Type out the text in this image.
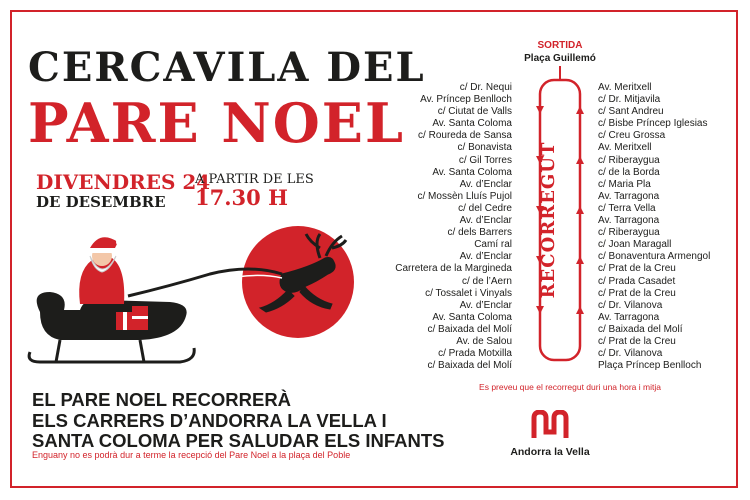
CERCAVILA DEL
PARE NOEL
DIVENDRES 24
DE DESEMBRE
A PARTIR DE LES
17.30 H
EL PARE NOEL RECORRERÀ
ELS CARRERS D’ANDORRA LA VELLA I
SANTA COLOMA PER SALUDAR ELS INFANTS
Enguany no es podrà dur a terme la recepció del Pare Noel a la plaça del Poble
SORTIDA
Plaça Guillemó
RECORREGUT
c/ Dr. Nequi
Av. Príncep Benlloch
c/ Ciutat de Valls
Av. Santa Coloma
c/ Roureda de Sansa
c/ Bonavista
c/ Gil Torres
Av. Santa Coloma
Av. d’Enclar
c/ Mossèn Lluís Pujol
c/ del Cedre
Av. d’Enclar
c/ dels Barrers
Camí ral
Av. d’Enclar
Carretera de la Margineda
c/ de l’Aern
c/ Tossalet i Vinyals
Av. d’Enclar
Av. Santa Coloma
c/ Baixada del Molí
Av. de Salou
c/ Prada Motxilla
c/ Baixada del Molí
Av. Meritxell
c/ Dr. Mitjavila
c/ Sant Andreu
c/ Bisbe Príncep Iglesias
c/ Creu Grossa
Av. Meritxell
c/ Riberaygua
c/ de la Borda
c/ Maria Pla
Av. Tarragona
c/ Terra Vella
Av. Tarragona
c/ Riberaygua
c/ Joan Maragall
c/ Bonaventura Armengol
c/ Prat de la Creu
c/ Prada Casadet
c/ Prat de la Creu
c/ Dr. Vilanova
Av. Tarragona
c/ Baixada del Molí
c/ Prat de la Creu
c/ Dr. Vilanova
Plaça Príncep Benlloch
Es preveu que el recorregut duri una hora i mitja
Andorra la Vella
